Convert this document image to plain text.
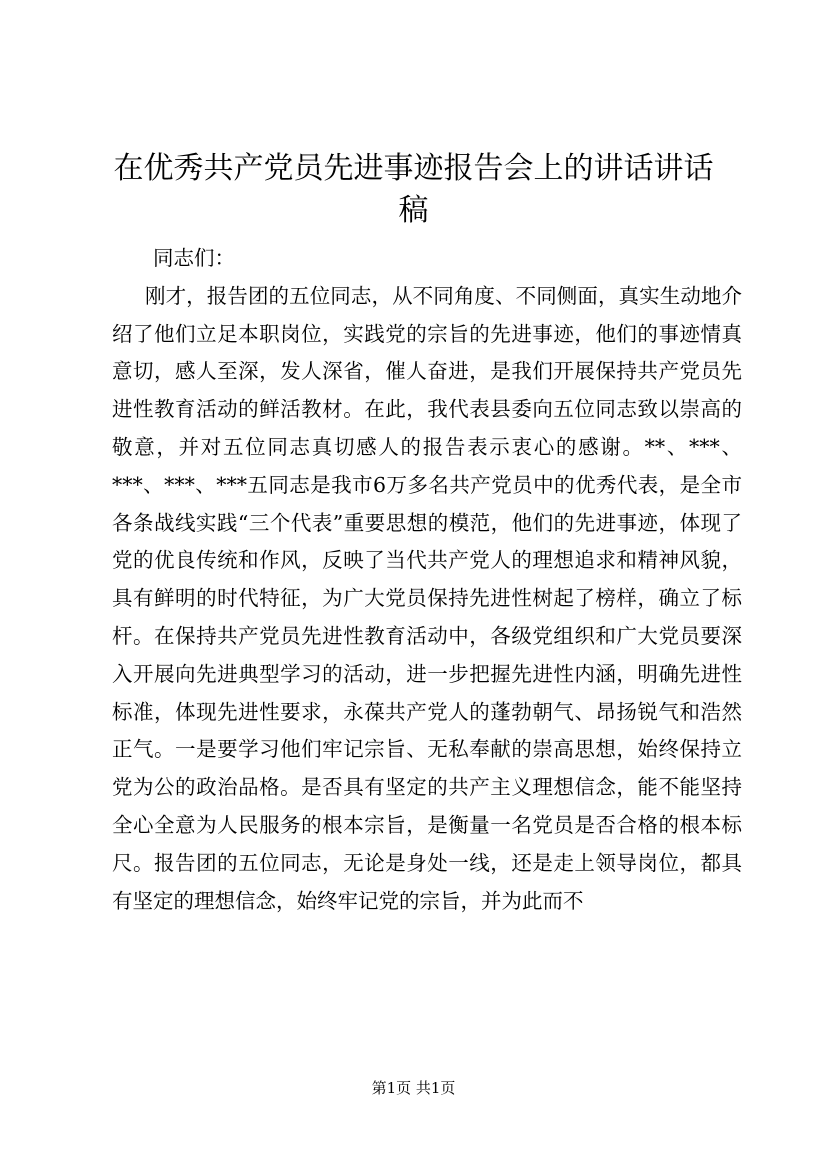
在优秀共产党员先进事迹报告会上的讲话讲话稿

同志们：

刚才，报告团的五位同志，从不同角度、不同侧面，真实生动地介绍了他们立足本职岗位，实践党的宗旨的先进事迹，他们的事迹情真意切，感人至深，发人深省，催人奋进，是我们开展保持共产党员先进性教育活动的鲜活教材。在此，我代表县委向五位同志致以崇高的敬意，并对五位同志真切感人的报告表示衷心的感谢。**、***、***、***、***五同志是我市6万多名共产党员中的优秀代表，是全市各条战线实践“三个代表”重要思想的模范，他们的先进事迹，体现了党的优良传统和作风，反映了当代共产党人的理想追求和精神风貌，具有鲜明的时代特征，为广大党员保持先进性树起了榜样，确立了标杆。在保持共产党员先进性教育活动中，各级党组织和广大党员要深入开展向先进典型学习的活动，进一步把握先进性内涵，明确先进性标准，体现先进性要求，永葆共产党人的蓬勃朝气、昂扬锐气和浩然正气。一是要学习他们牢记宗旨、无私奉献的崇高思想，始终保持立党为公的政治品格。是否具有坚定的共产主义理想信念，能不能坚持全心全意为人民服务的根本宗旨，是衡量一名党员是否合格的根本标尺。报告团的五位同志，无论是身处一线，还是走上领导岗位，都具有坚定的理想信念，始终牢记党的宗旨，并为此而不

第1页 共1页
